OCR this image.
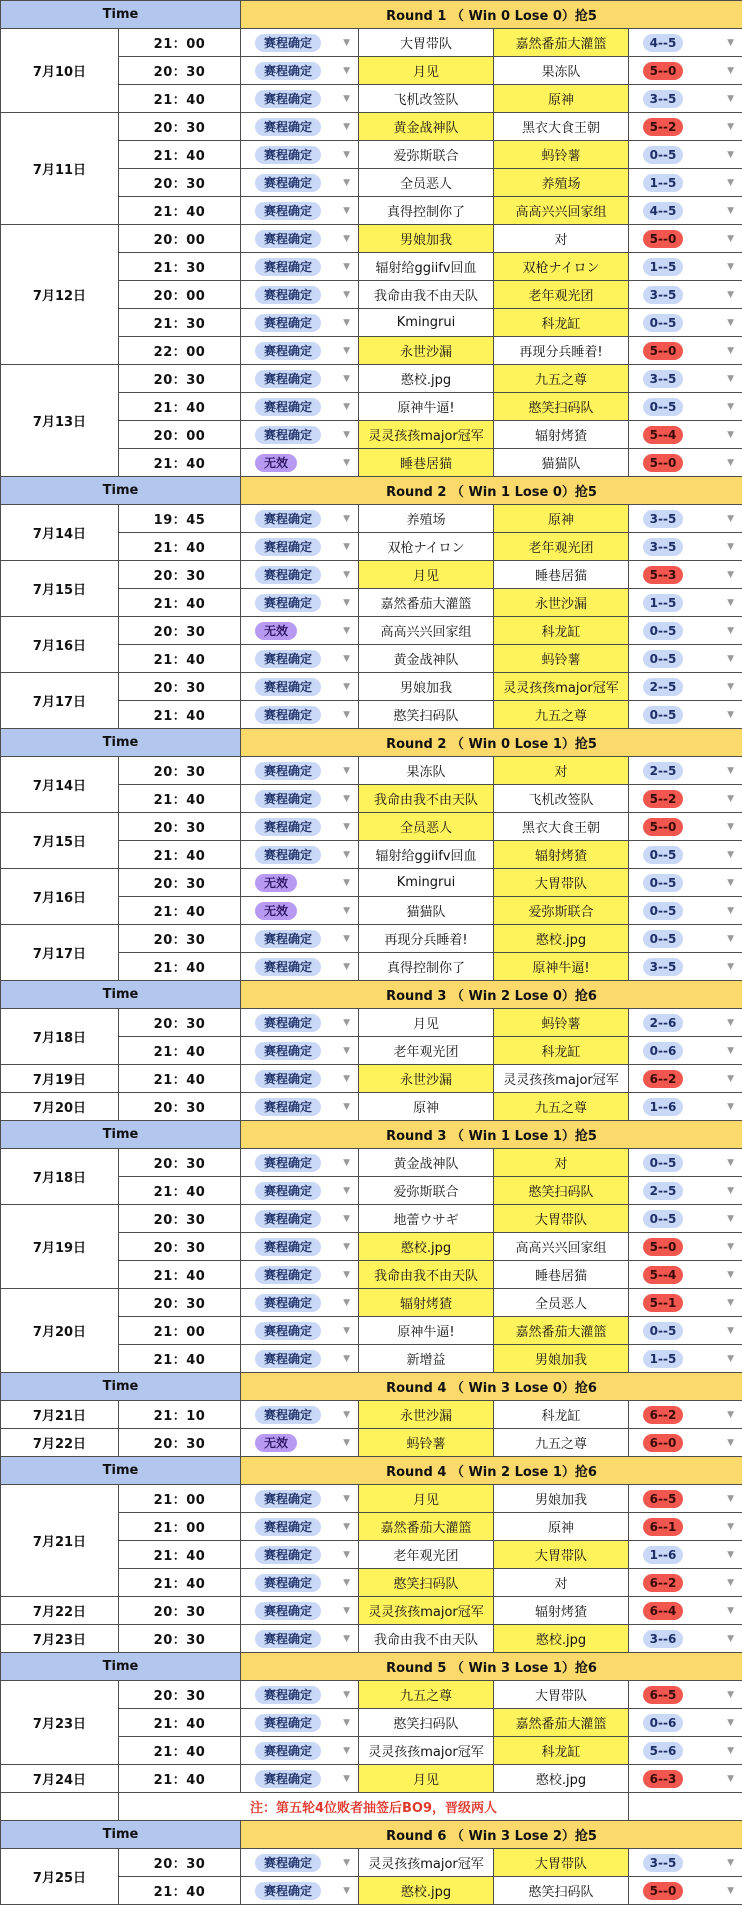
Time		Round 1 （ Win 0 Lose 0）抢5			
7月10日	21：00	赛程确定 ▼	大胃带队	嘉然番茄大灌篮	4--5 ▼

	20：30	赛程确定 ▼	月见	果冻队	5--0 ▼

	21：40	赛程确定 ▼	飞机改签队	原神	3--5 ▼

7月11日	20：30	赛程确定 ▼	黄金战神队	黑衣大食王朝	5--2 ▼

	21：40	赛程确定 ▼	爱弥斯联合	蚂铃薯	0--5 ▼

	20：30	赛程确定 ▼	全员恶人	养殖场	1--5 ▼

	21：40	赛程确定 ▼	真得控制你了	高高兴兴回家组	4--5 ▼

7月12日	20：00	赛程确定 ▼	男娘加我	对	5--0 ▼

	21：30	赛程确定 ▼	辐射给ggiifv回血	双枪ナイロン	1--5 ▼

	20：00	赛程确定 ▼	我命由我不由天队	老年观光团	3--5 ▼

	21：30	赛程确定 ▼	Kmingrui	科龙缸	0--5 ▼

	22：00	赛程确定 ▼	永世沙漏	再现分兵睡着!	5--0 ▼

7月13日	20：30	赛程确定 ▼	憨校.jpg	九五之尊	3--5 ▼

	21：40	赛程确定 ▼	原神牛逼!	憨笑扫码队	0--5 ▼

	20：00	赛程确定 ▼	灵灵孩孩major冠军	辐射烤猹	5--4 ▼

	21：40	无效 ▼	睡巷居猫	猫猫队	5--0 ▼

Time		Round 2 （ Win 1 Lose 0）抢5			
7月14日	19：45	赛程确定 ▼	养殖场	原神	3--5 ▼

	21：40	赛程确定 ▼	双枪ナイロン	老年观光团	3--5 ▼

7月15日	20：30	赛程确定 ▼	月见	睡巷居猫	5--3 ▼

	21：40	赛程确定 ▼	嘉然番茄大灌篮	永世沙漏	1--5 ▼

7月16日	20：30	无效 ▼	高高兴兴回家组	科龙缸	0--5 ▼

	21：40	赛程确定 ▼	黄金战神队	蚂铃薯	0--5 ▼

7月17日	20：30	赛程确定 ▼	男娘加我	灵灵孩孩major冠军	2--5 ▼

	21：40	赛程确定 ▼	憨笑扫码队	九五之尊	0--5 ▼

Time		Round 2 （ Win 0 Lose 1）抢5			
7月14日	20：30	赛程确定 ▼	果冻队	对	2--5 ▼

	21：40	赛程确定 ▼	我命由我不由天队	飞机改签队	5--2 ▼

7月15日	20：30	赛程确定 ▼	全员恶人	黑衣大食王朝	5--0 ▼

	21：40	赛程确定 ▼	辐射给ggiifv回血	辐射烤猹	0--5 ▼

7月16日	20：30	无效 ▼	Kmingrui	大胃带队	0--5 ▼

	21：40	无效 ▼	猫猫队	爱弥斯联合	0--5 ▼

7月17日	20：30	赛程确定 ▼	再现分兵睡着!	憨校.jpg	0--5 ▼

	21：40	赛程确定 ▼	真得控制你了	原神牛逼!	3--5 ▼

Time		Round 3 （ Win 2 Lose 0）抢6			
7月18日	20：30	赛程确定 ▼	月见	蚂铃薯	2--6 ▼

	21：40	赛程确定 ▼	老年观光团	科龙缸	0--6 ▼

7月19日	21：40	赛程确定 ▼	永世沙漏	灵灵孩孩major冠军	6--2 ▼

7月20日	20：30	赛程确定 ▼	原神	九五之尊	1--6 ▼

Time		Round 3 （ Win 1 Lose 1）抢5			
7月18日	20：30	赛程确定 ▼	黄金战神队	对	0--5 ▼

	21：40	赛程确定 ▼	爱弥斯联合	憨笑扫码队	2--5 ▼

7月19日	20：30	赛程确定 ▼	地蕾ウサギ	大胃带队	0--5 ▼

	20：30	赛程确定 ▼	憨校.jpg	高高兴兴回家组	5--0 ▼

	21：40	赛程确定 ▼	我命由我不由天队	睡巷居猫	5--4 ▼

7月20日	20：30	赛程确定 ▼	辐射烤猹	全员恶人	5--1 ▼

	21：00	赛程确定 ▼	原神牛逼!	嘉然番茄大灌篮	0--5 ▼

	21：40	赛程确定 ▼	新增益	男娘加我	1--5 ▼

Time		Round 4 （ Win 3 Lose 0）抢6			
7月21日	21：10	赛程确定 ▼	永世沙漏	科龙缸	6--2 ▼

7月22日	20：30	无效 ▼	蚂铃薯	九五之尊	6--0 ▼

Time		Round 4 （ Win 2 Lose 1）抢6			
7月21日	21：00	赛程确定 ▼	月见	男娘加我	6--5 ▼

	21：00	赛程确定 ▼	嘉然番茄大灌篮	原神	6--1 ▼

	21：40	赛程确定 ▼	老年观光团	大胃带队	1--6 ▼

	21：40	赛程确定 ▼	憨笑扫码队	对	6--2 ▼

7月22日	20：30	赛程确定 ▼	灵灵孩孩major冠军	辐射烤猹	6--4 ▼

7月23日	20：30	赛程确定 ▼	我命由我不由天队	憨校.jpg	3--6 ▼

Time		Round 5 （ Win 3 Lose 1）抢6			
7月23日	20：30	赛程确定 ▼	九五之尊	大胃带队	6--5 ▼

	21：40	赛程确定 ▼	憨笑扫码队	嘉然番茄大灌篮	0--6 ▼

	21：40	赛程确定 ▼	灵灵孩孩major冠军	科龙缸	5--6 ▼

7月24日	21：40	赛程确定 ▼	月见	憨校.jpg	6--3 ▼

	注：第五轮4位败者抽签后BO9，晋级两人				
Time		Round 6 （ Win 3 Lose 2）抢5			
7月25日	20：30	赛程确定 ▼	灵灵孩孩major冠军	大胃带队	3--5 ▼

	21：40	赛程确定 ▼	憨校.jpg	憨笑扫码队	5--0 ▼
